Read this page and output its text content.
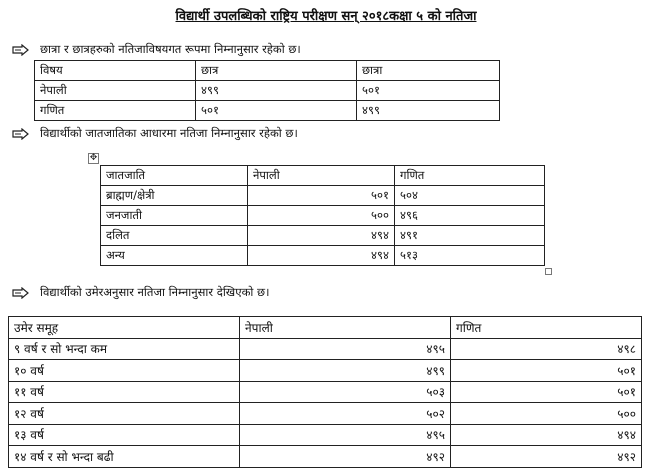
विद्यार्थी उपलब्धिको राष्ट्रिय परीक्षण सन् २०१८कक्षा ५ को नतिजा
छात्रा र छात्रहरुको नतिजाविषयगत रूपमा निम्नानुसार रहेको छ।
विषय	छात्र	छात्रा
नेपाली	४९९	५०१
गणित	५०१	४९९
विद्यार्थीको जातजातिका आधारमा नतिजा निम्नानुसार रहेको छ।
✥
जातजाति	नेपाली	गणित
ब्राह्मण/क्षेत्री	५०१	५०४
जनजाती	५००	४९६
दलित	४९४	४९१
अन्य	४९४	५१३
विद्यार्थीको उमेरअनुसार नतिजा निम्नानुसार देखिएको छ।
उमेर समूह	नेपाली	गणित
९ वर्ष र सो भन्दा कम	४९५	४९८
१० वर्ष	४९९	५०१
११ वर्ष	५०३	५०१
१२ वर्ष	५०२	५००
१३ वर्ष	४९५	४९४
१४ वर्ष र सो भन्दा बढी	४९२	४९२
